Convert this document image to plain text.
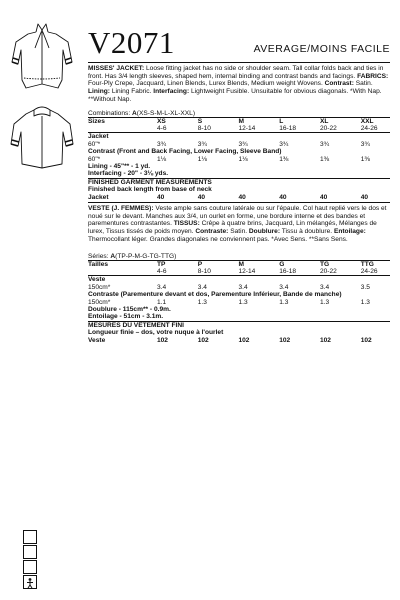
V2071	AVERAGE/MOINS FACILE
MISSES' JACKET: Loose fitting jacket has no side or shoulder seam. Tall collar folds back and ties in front. Has 3/4 length sleeves, shaped hem, internal binding and contrast bands and facings. FABRICS: Four-Ply Crepe, Jacquard, Linen Blends, Lurex Blends, Medium weight Wovens. Contrast: Satin. Lining: Lining Fabric. Interfacing: Lightweight Fusible. Unsuitable for obvious diagonals. *With Nap. **Without Nap.
Combinations: A(XS-S-M-L-XL-XXL)
Sizes	XS	S	M	L	XL	XXL
	4-6	8-10	12-14	16-18	20-22	24-26
Jacket						
60"*	3¾	3¾	3¾	3¾	3¾	3¾
Contrast (Front and Back Facing, Lower Facing, Sleeve Band)						
60"*	1⅛	1⅛	1⅛	1⅜	1⅜	1⅜
Lining - 45"** - 1 yd.						
Interfacing - 20" - 3⅛ yds.						
FINISHED GARMENT MEASUREMENTS						
Finished back length from base of neck						
Jacket	40	40	40	40	40	40
VESTE (J. FEMMES): Veste ample sans couture latérale ou sur l'épaule. Col haut replié vers le dos et noué sur le devant. Manches aux 3/4, un ourlet en forme, une bordure interne et des bandes et parementures contrastantes. TISSUS: Crêpe à quatre brins, Jacquard, Lin mélangés, Mélanges de lurex, Tissus tissés de poids moyen. Contraste: Satin. Doublure: Tissu à doublure. Entoilage: Thermocollant léger. Grandes diagonales ne conviennent pas. *Avec Sens. **Sans Sens.
Séries: A(TP-P-M-G-TG-TTG)
Tailles	TP	P	M	G	TG	TTG
	4-6	8-10	12-14	16-18	20-22	24-26
Veste						
150cm*	3.4	3.4	3.4	3.4	3.4	3.5
Contraste (Parementure devant et dos, Parementure Inférieur, Bande de manche)						
150cm*	1.1	1.3	1.3	1.3	1.3	1.3
Doublure - 115cm** - 0.9m.						
Entoilage - 51cm - 3.1m.						
MESURES DU VÊTEMENT FINI						
Longueur finie – dos, votre nuque à l'ourlet						
Veste	102	102	102	102	102	102
